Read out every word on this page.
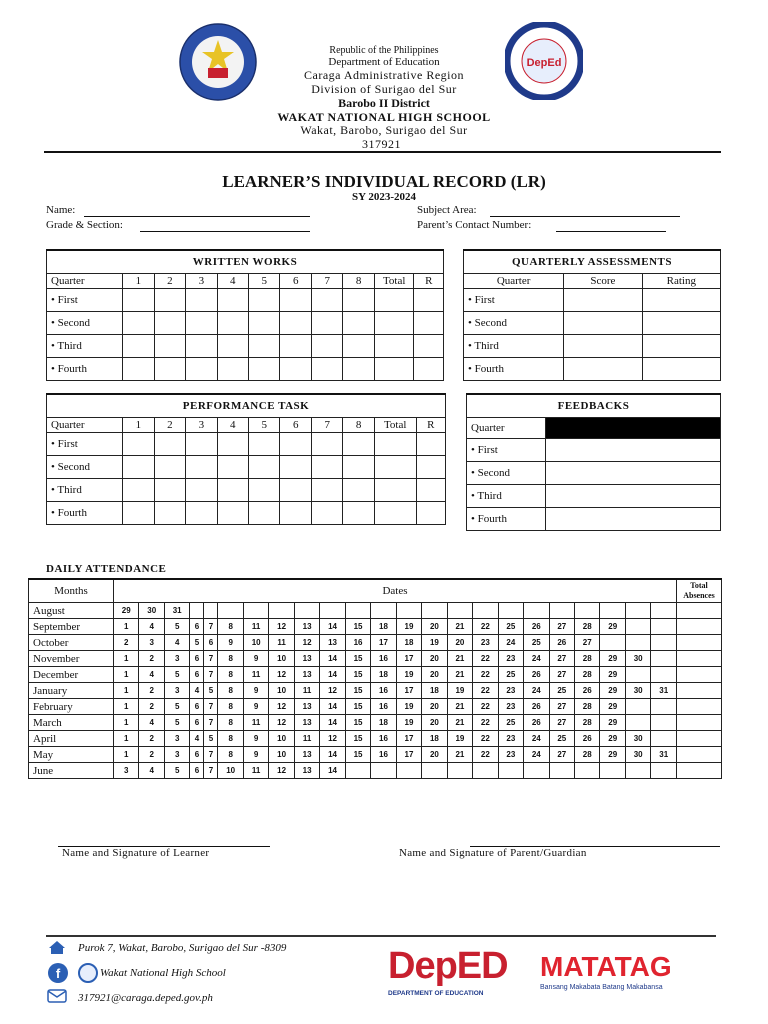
DepEd
Republic of the Philippines
Department of Education
Caraga Administrative Region
Division of Surigao del Sur
Barobo II District
WAKAT NATIONAL HIGH SCHOOL
Wakat, Barobo, Surigao del Sur
317921
LEARNER’S INDIVIDUAL RECORD (LR)
SY 2023-2024
Name:
Grade & Section:
Subject Area:
Parent’s Contact Number:
WRITTEN WORKS										
Quarter	1	2	3	4	5	6	7	8	Total	R
• First										
• Second										
• Third										
• Fourth										
QUARTERLY ASSESSMENTS		
Quarter	Score	Rating
• First		
• Second		
• Third		
• Fourth		
PERFORMANCE TASK										
Quarter	1	2	3	4	5	6	7	8	Total	R
• First										
• Second										
• Third										
• Fourth										
FEEDBACKS	
Quarter	
• First	
• Second	
• Third	
• Fourth	
DAILY ATTENDANCE
Months	Dates																							Total Absences
August	29	30	31																					
September	1	4	5	6	7	8	11	12	13	14	15	18	19	20	21	22	25	26	27	28	29			
October	2	3	4	5	6	9	10	11	12	13	16	17	18	19	20	23	24	25	26	27				
November	1	2	3	6	7	8	9	10	13	14	15	16	17	20	21	22	23	24	27	28	29	30		
December	1	4	5	6	7	8	11	12	13	14	15	18	19	20	21	22	25	26	27	28	29			
January	1	2	3	4	5	8	9	10	11	12	15	16	17	18	19	22	23	24	25	26	29	30	31	
February	1	2	5	6	7	8	9	12	13	14	15	16	19	20	21	22	23	26	27	28	29			
March	1	4	5	6	7	8	11	12	13	14	15	18	19	20	21	22	25	26	27	28	29			
April	1	2	3	4	5	8	9	10	11	12	15	16	17	18	19	22	23	24	25	26	29	30		
May	1	2	3	6	7	8	9	10	13	14	15	16	17	20	21	22	23	24	27	28	29	30	31	
June	3	4	5	6	7	10	11	12	13	14														
Name and Signature of Learner	Name and Signature of Parent/Guardian
Purok 7, Wakat, Barobo, Surigao del Sur -8309
f	Wakat National High School
317921@caraga.deped.gov.ph
DepED
DEPARTMENT OF EDUCATION
MATATAG
Bansang Makabata Batang Makabansa
